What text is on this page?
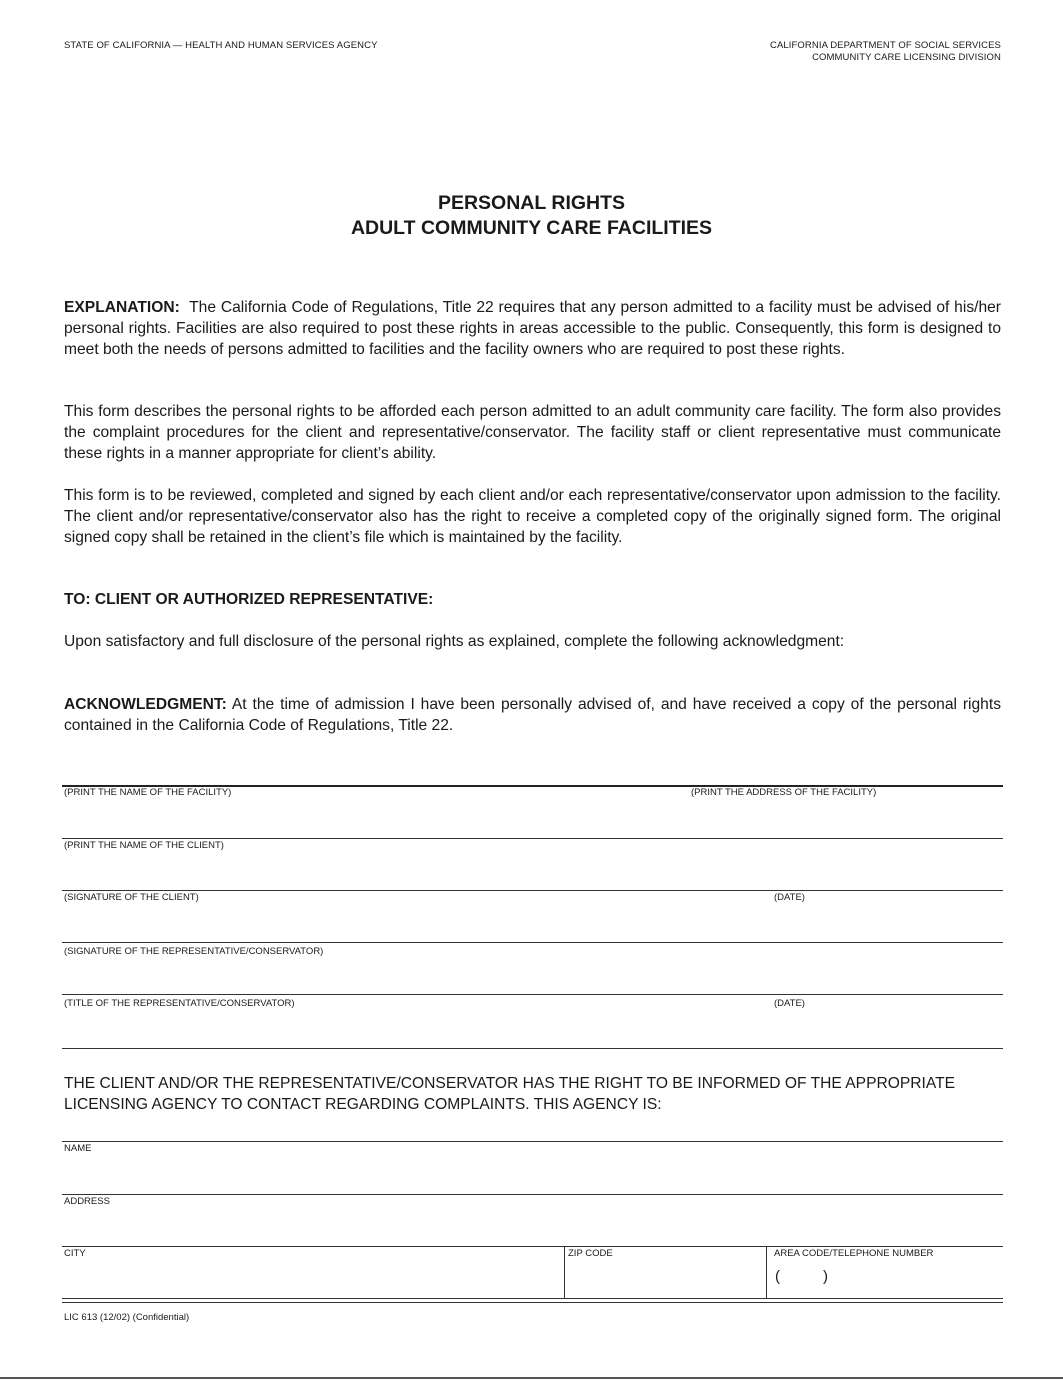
STATE OF CALIFORNIA — HEALTH AND HUMAN SERVICES AGENCY	CALIFORNIA DEPARTMENT OF SOCIAL SERVICES
COMMUNITY CARE LICENSING DIVISION
PERSONAL RIGHTS
ADULT COMMUNITY CARE FACILITIES
EXPLANATION: The California Code of Regulations, Title 22 requires that any person admitted to a facility must be advised of his/her personal rights. Facilities are also required to post these rights in areas accessible to the public. Consequently, this form is designed to meet both the needs of persons admitted to facilities and the facility owners who are required to post these rights.
This form describes the personal rights to be afforded each person admitted to an adult community care facility. The form also provides the complaint procedures for the client and representative/conservator. The facility staff or client representative must communicate these rights in a manner appropriate for client’s ability.
This form is to be reviewed, completed and signed by each client and/or each representative/conservator upon admission to the facility. The client and/or representative/conservator also has the right to receive a completed copy of the originally signed form. The original signed copy shall be retained in the client’s file which is maintained by the facility.
TO: CLIENT OR AUTHORIZED REPRESENTATIVE:
Upon satisfactory and full disclosure of the personal rights as explained, complete the following acknowledgment:
ACKNOWLEDGMENT: At the time of admission I have been personally advised of, and have received a copy of the personal rights contained in the California Code of Regulations, Title 22.
(PRINT THE NAME OF THE FACILITY)	(PRINT THE ADDRESS OF THE FACILITY)
(PRINT THE NAME OF THE CLIENT)
(SIGNATURE OF THE CLIENT)	(DATE)
(SIGNATURE OF THE REPRESENTATIVE/CONSERVATOR)
(TITLE OF THE REPRESENTATIVE/CONSERVATOR)	(DATE)
THE CLIENT AND/OR THE REPRESENTATIVE/CONSERVATOR HAS THE RIGHT TO BE INFORMED OF THE APPROPRIATE LICENSING AGENCY TO CONTACT REGARDING COMPLAINTS. THIS AGENCY IS:
NAME
ADDRESS
CITY	ZIP CODE	AREA CODE/TELEPHONE NUMBER
(	)
LIC 613 (12/02) (Confidential)
